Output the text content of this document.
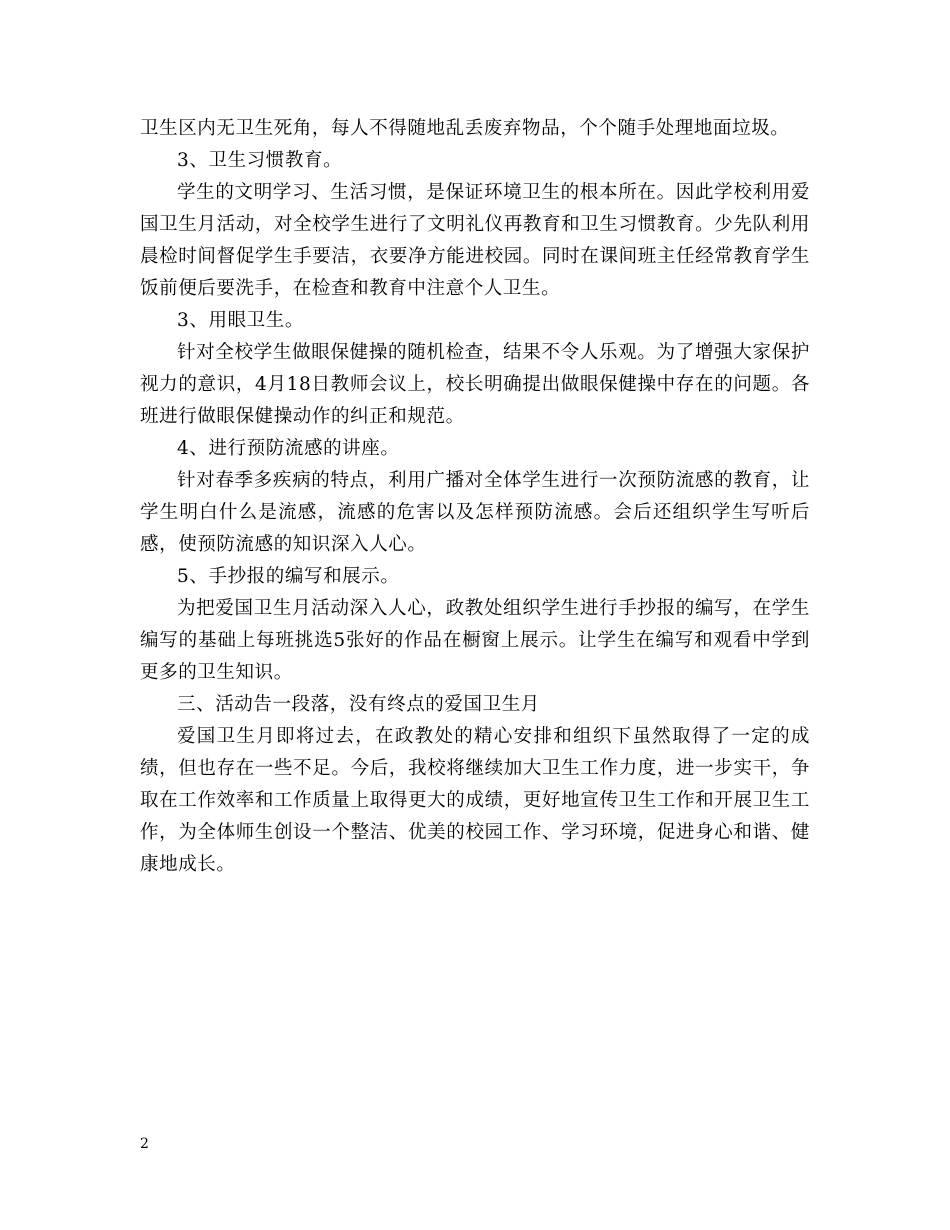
卫生区内无卫生死角，每人不得随地乱丢废弃物品，个个随手处理地面垃圾。

3、卫生习惯教育。

学生的文明学习、生活习惯，是保证环境卫生的根本所在。因此学校利用爱国卫生月活动，对全校学生进行了文明礼仪再教育和卫生习惯教育。少先队利用晨检时间督促学生手要洁，衣要净方能进校园。同时在课间班主任经常教育学生饭前便后要洗手，在检查和教育中注意个人卫生。

3、用眼卫生。

针对全校学生做眼保健操的随机检查，结果不令人乐观。为了增强大家保护视力的意识，4月18日教师会议上，校长明确提出做眼保健操中存在的问题。各班进行做眼保健操动作的纠正和规范。

4、进行预防流感的讲座。

针对春季多疾病的特点，利用广播对全体学生进行一次预防流感的教育，让学生明白什么是流感，流感的危害以及怎样预防流感。会后还组织学生写听后感，使预防流感的知识深入人心。

5、手抄报的编写和展示。

为把爱国卫生月活动深入人心，政教处组织学生进行手抄报的编写，在学生编写的基础上每班挑选5张好的作品在橱窗上展示。让学生在编写和观看中学到更多的卫生知识。

三、活动告一段落，没有终点的爱国卫生月

爱国卫生月即将过去，在政教处的精心安排和组织下虽然取得了一定的成绩，但也存在一些不足。今后，我校将继续加大卫生工作力度，进一步实干，争取在工作效率和工作质量上取得更大的成绩，更好地宣传卫生工作和开展卫生工作，为全体师生创设一个整洁、优美的校园工作、学习环境，促进身心和谐、健康地成长。

2
